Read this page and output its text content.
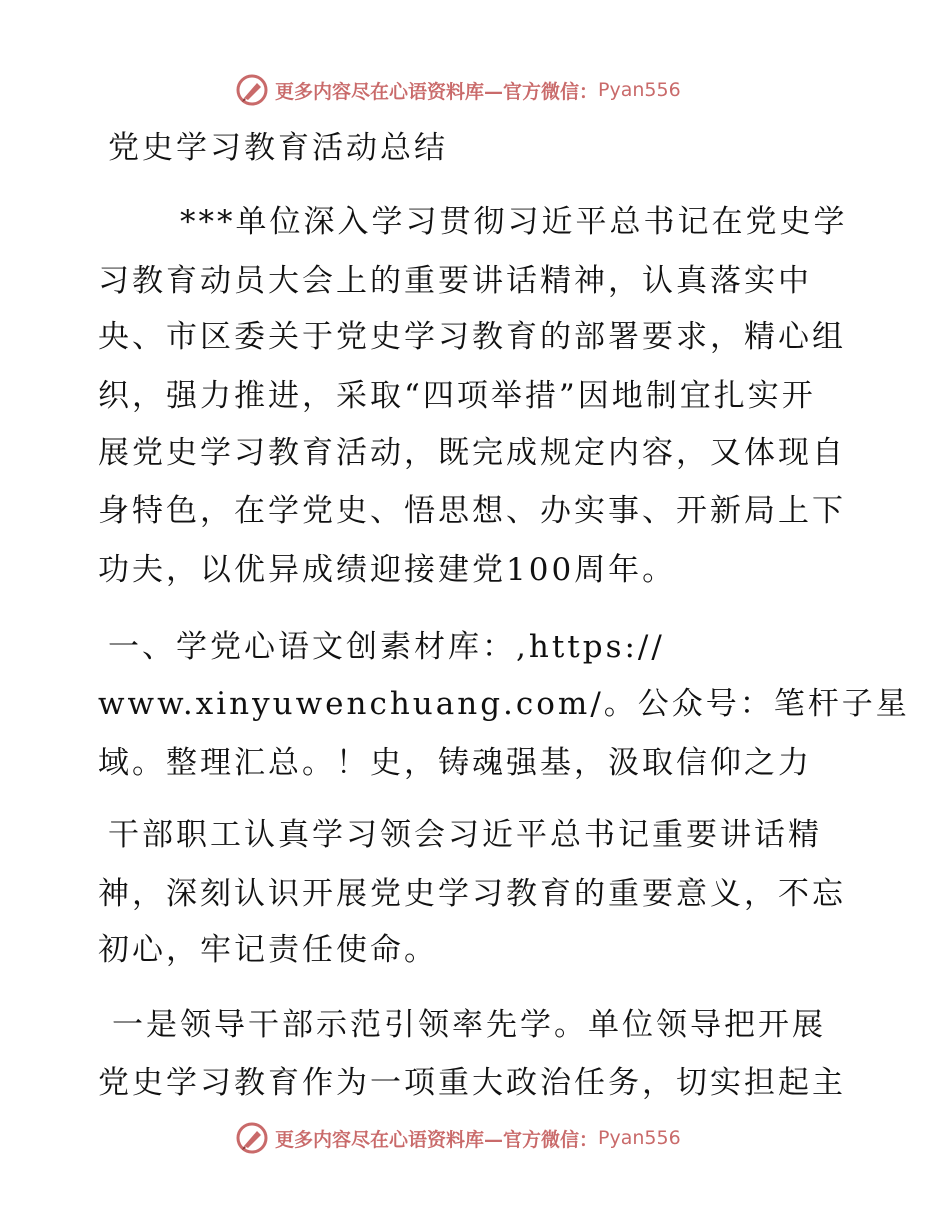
更多内容尽在心语资料库—官方微信： Pyan556
党史学习教育活动总结
***单位深入学习贯彻习近平总书记在党史学
习教育动员大会上的重要讲话精神，认真落实中
央、市区委关于党史学习教育的部署要求，精心组
织，强力推进，采取“四项举措”因地制宜扎实开
展党史学习教育活动，既完成规定内容，又体现自
身特色，在学党史、悟思想、办实事、开新局上下
功夫，以优异成绩迎接建党100周年。
一、学党心语文创素材库：,https://
www.xinyuwenchuang.com/。公众号：笔杆子星
域。整理汇总。！史，铸魂强基，汲取信仰之力
干部职工认真学习领会习近平总书记重要讲话精
神，深刻认识开展党史学习教育的重要意义，不忘
初心，牢记责任使命。
一是领导干部示范引领率先学。单位领导把开展
党史学习教育作为一项重大政治任务，切实担起主
更多内容尽在心语资料库—官方微信： Pyan556
